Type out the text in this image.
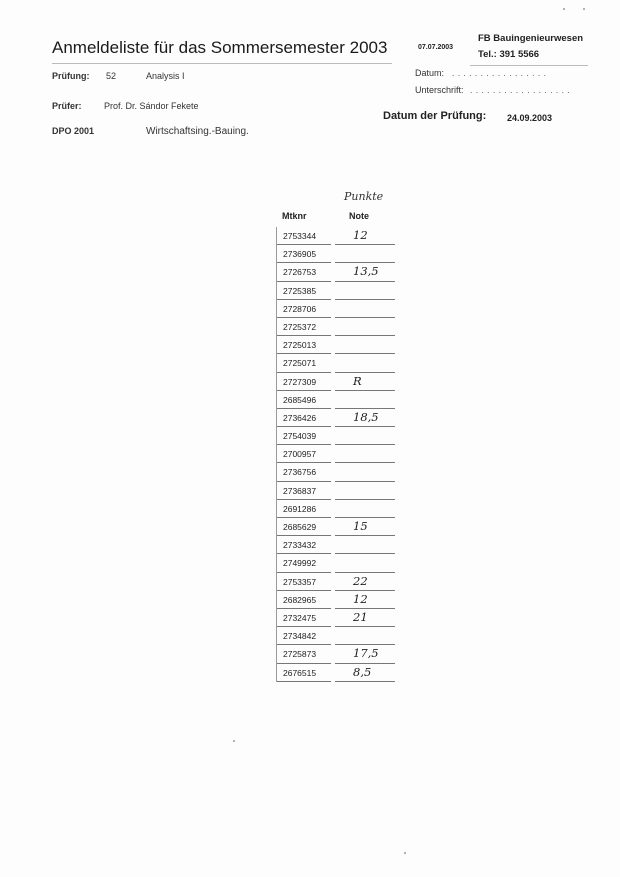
Anmeldeliste für das Sommersemester 2003	07.07.2003
FB Bauingenieurwesen
Tel.: 391 5566
Prüfung: 52	Analysis I	Datum: . . . . . . . . . . . . . . . . .
Unterschrift: . . . . . . . . . . . . . . . . . .
Prüfer: Prof. Dr. Sándor Fekete
Datum der Prüfung: 24.09.2003
DPO 2001	Wirtschaftsing.-Bauing.
Punkte
Mtknr	Note
2753344	12
2736905
2726753	13,5
2725385
2728706
2725372
2725013
2725071
2727309	R
2685496
2736426	18,5
2754039
2700957
2736756
2736837
2691286
2685629	15
2733432
2749992
2753357	22
2682965	12
2732475	21
2734842
2725873	17,5
2676515	8,5
